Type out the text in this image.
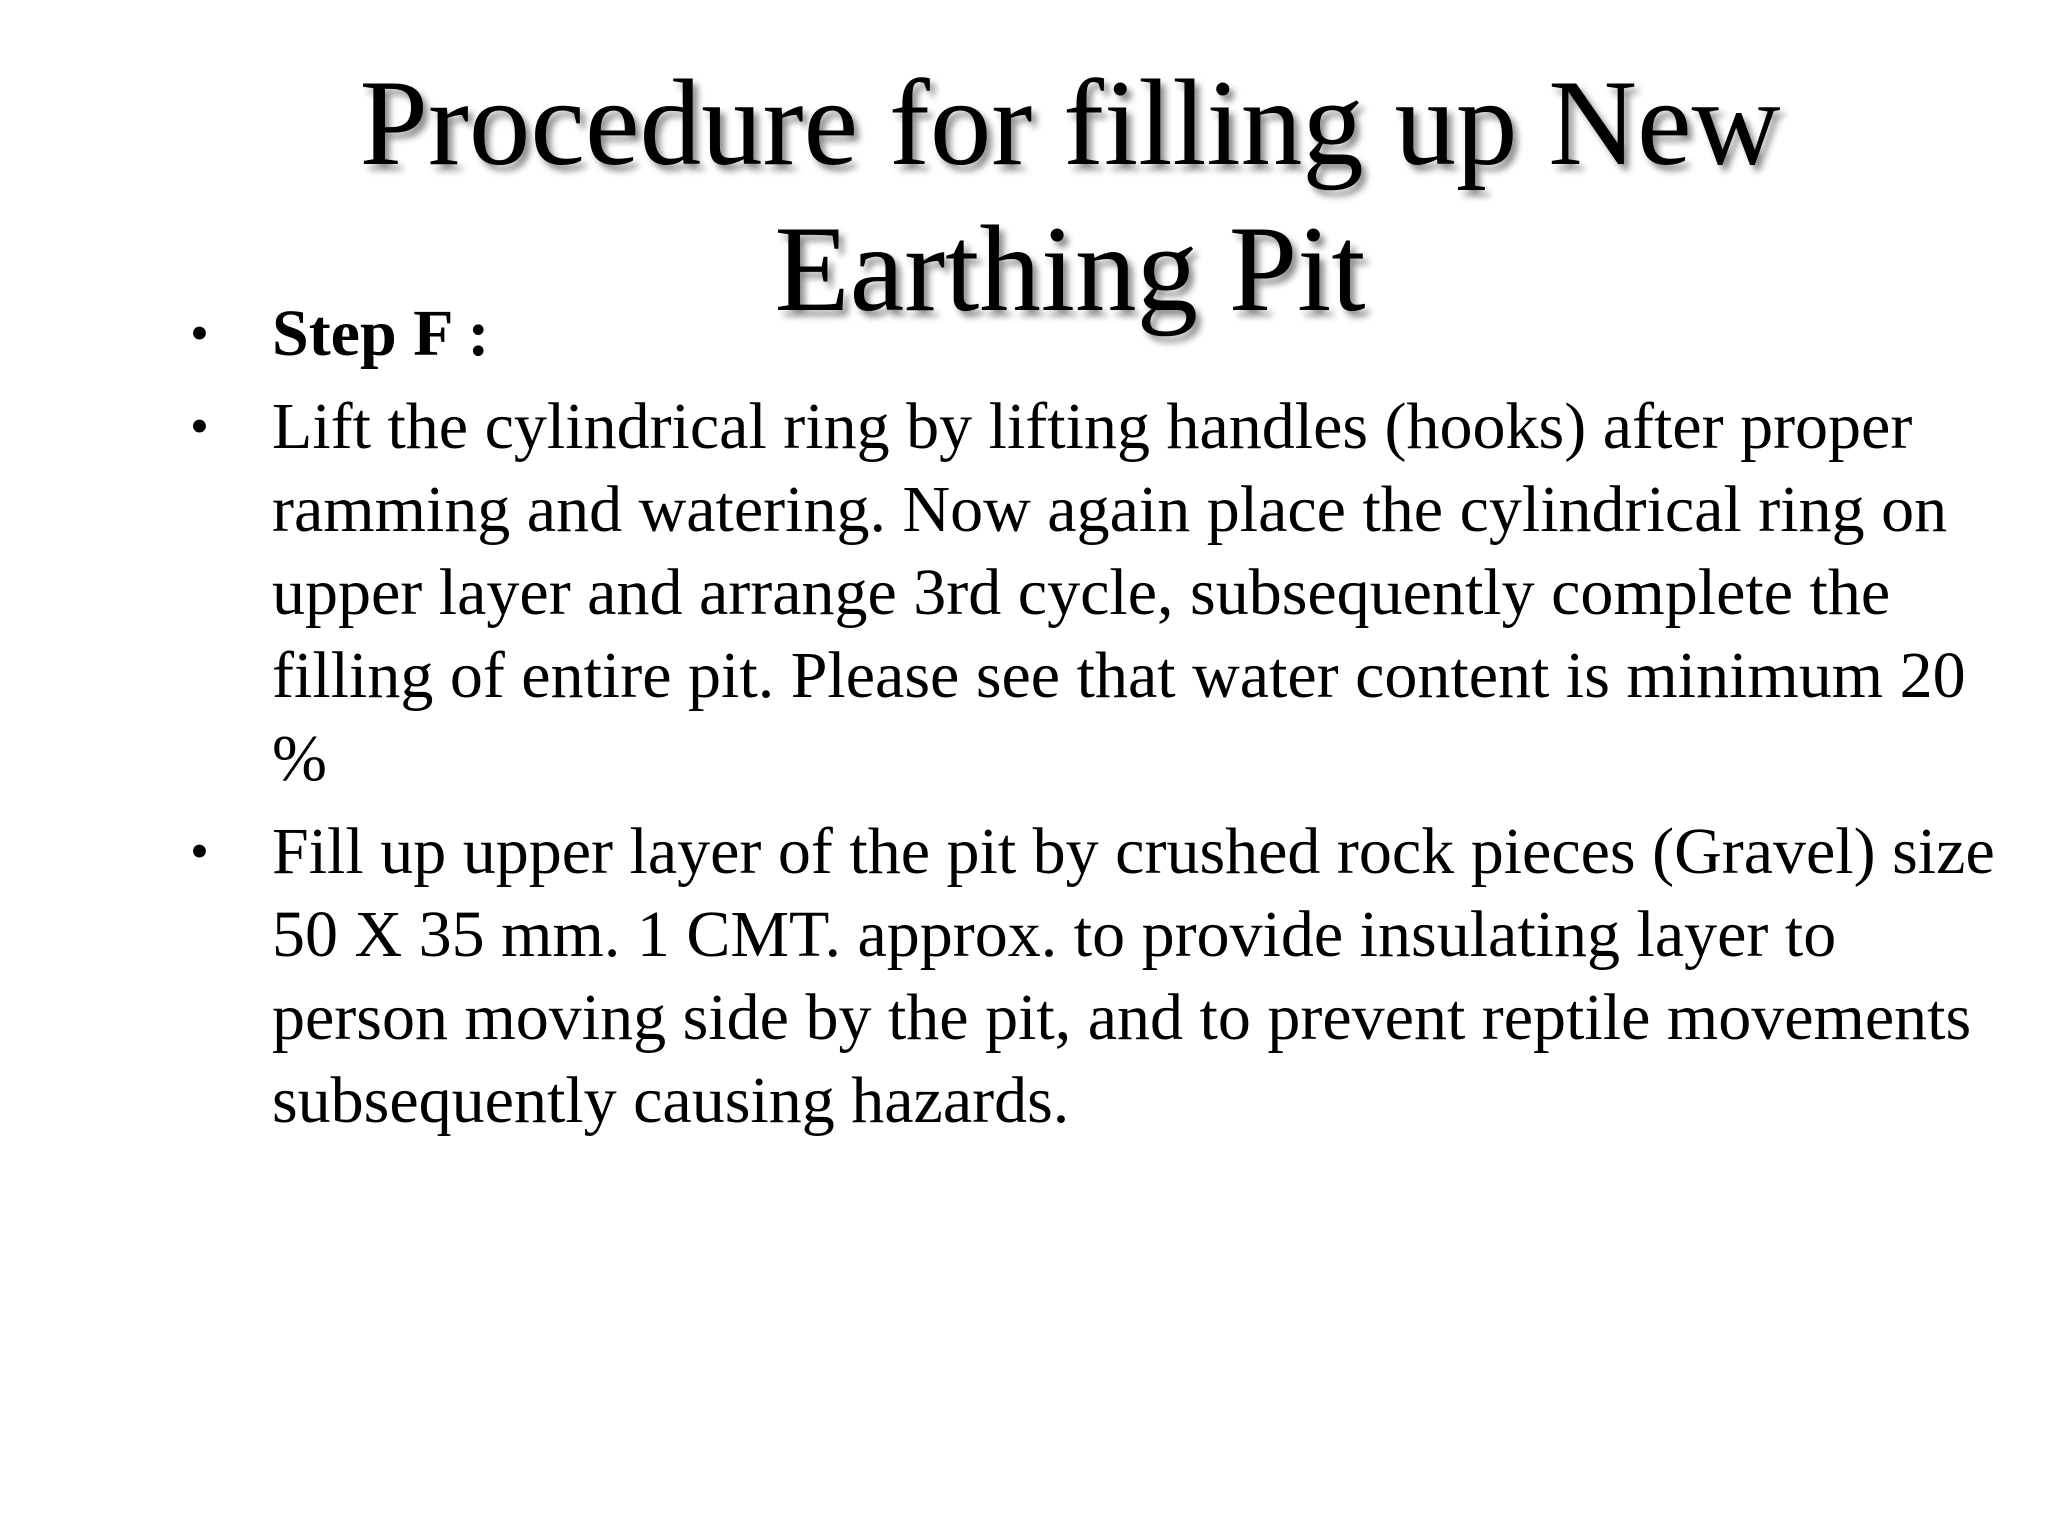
• Step F :
• Lift the cylindrical ring by lifting handles (hooks) after proper ramming and watering. Now again place the cylindrical ring on upper layer and arrange 3rd cycle, subsequently complete the filling of entire pit. Please see that water content is minimum 20 %
• Fill up upper layer of the pit by crushed rock pieces (Gravel) size 50 X 35 mm. 1 CMT. approx. to provide insulating layer to person moving side by the pit, and to prevent reptile movements subsequently causing hazards.
Procedure for filling up New
Earthing Pit
